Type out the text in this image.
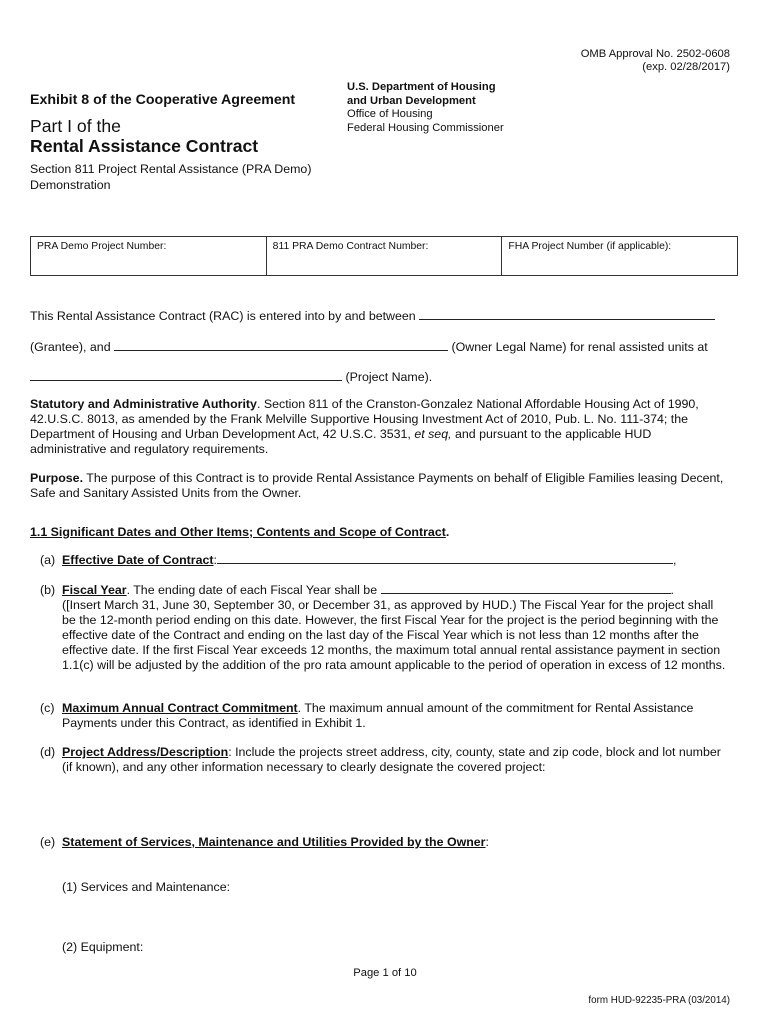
OMB Approval No. 2502-0608
(exp. 02/28/2017)
Exhibit 8 of the Cooperative Agreement
Part I of the
Rental Assistance Contract
U.S. Department of Housing
and Urban Development
Office of Housing
Federal Housing Commissioner
Section 811 Project Rental Assistance (PRA Demo)
Demonstration
PRA Demo Project Number:	811 PRA Demo Contract Number:	FHA Project Number (if applicable):
This Rental Assistance Contract (RAC) is entered into by and between
(Grantee), and	(Owner Legal Name) for renal assisted units at
(Project Name).
Statutory and Administrative Authority. Section 811 of the Cranston-Gonzalez National Affordable Housing Act of 1990, 42.U.S.C. 8013, as amended by the Frank Melville Supportive Housing Investment Act of 2010, Pub. L. No. 111-374; the Department of Housing and Urban Development Act, 42 U.S.C. 3531, et seq, and pursuant to the applicable HUD administrative and regulatory requirements.
Purpose. The purpose of this Contract is to provide Rental Assistance Payments on behalf of Eligible Families leasing Decent, Safe and Sanitary Assisted Units from the Owner.
1.1 Significant Dates and Other Items; Contents and Scope of Contract.
(a) Effective Date of Contract:	,
(b) Fiscal Year. The ending date of each Fiscal Year shall be	.
([Insert March 31, June 30, September 30, or December 31, as approved by HUD.) The Fiscal Year for the project shall be the 12-month period ending on this date. However, the first Fiscal Year for the project is the period beginning with the effective date of the Contract and ending on the last day of the Fiscal Year which is not less than 12 months after the effective date. If the first Fiscal Year exceeds 12 months, the maximum total annual rental assistance payment in section 1.1(c) will be adjusted by the addition of the pro rata amount applicable to the period of operation in excess of 12 months.
(c) Maximum Annual Contract Commitment. The maximum annual amount of the commitment for Rental Assistance Payments under this Contract, as identified in Exhibit 1.
(d) Project Address/Description: Include the projects street address, city, county, state and zip code, block and lot number (if known), and any other information necessary to clearly designate the covered project:
(e) Statement of Services, Maintenance and Utilities Provided by the Owner:
(1) Services and Maintenance:
(2) Equipment:
Page 1 of 10
form HUD-92235-PRA (03/2014)
